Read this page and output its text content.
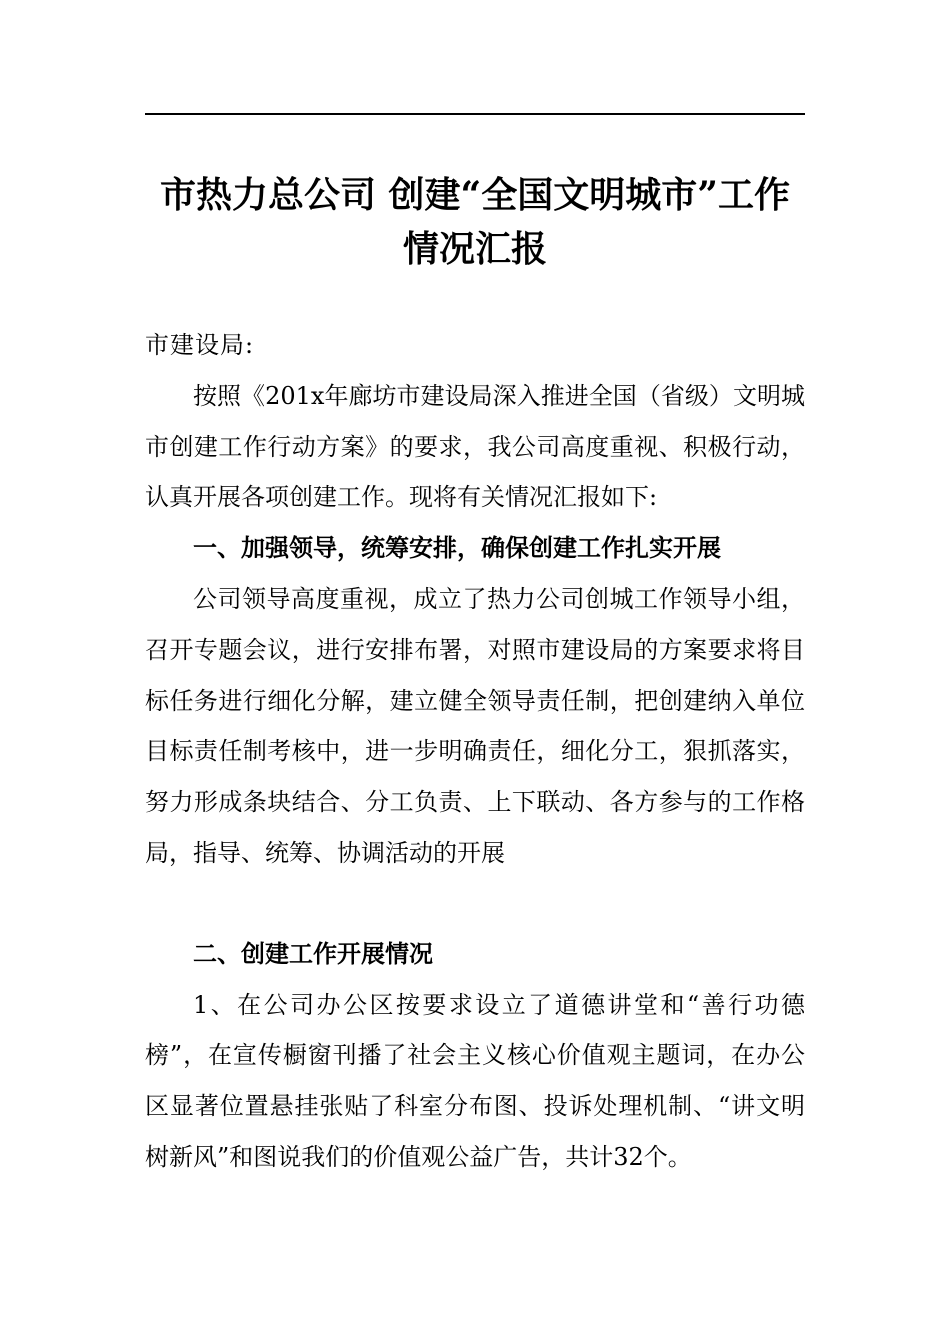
市热力总公司 创建“全国文明城市”工作
情况汇报

市建设局:

按照《201x年廊坊市建设局深入推进全国（省级）文明城市创建工作行动方案》的要求，我公司高度重视、积极行动，认真开展各项创建工作。现将有关情况汇报如下:

一、加强领导，统筹安排，确保创建工作扎实开展

公司领导高度重视，成立了热力公司创城工作领导小组，召开专题会议，进行安排布署，对照市建设局的方案要求将目标任务进行细化分解，建立健全领导责任制，把创建纳入单位目标责任制考核中，进一步明确责任，细化分工，狠抓落实，努力形成条块结合、分工负责、上下联动、各方参与的工作格局，指导、统筹、协调活动的开展

二、创建工作开展情况

1、在公司办公区按要求设立了道德讲堂和“善行功德榜”，在宣传橱窗刊播了社会主义核心价值观主题词，在办公区显著位置悬挂张贴了科室分布图、投诉处理机制、“讲文明树新风”和图说我们的价值观公益广告，共计32个。
